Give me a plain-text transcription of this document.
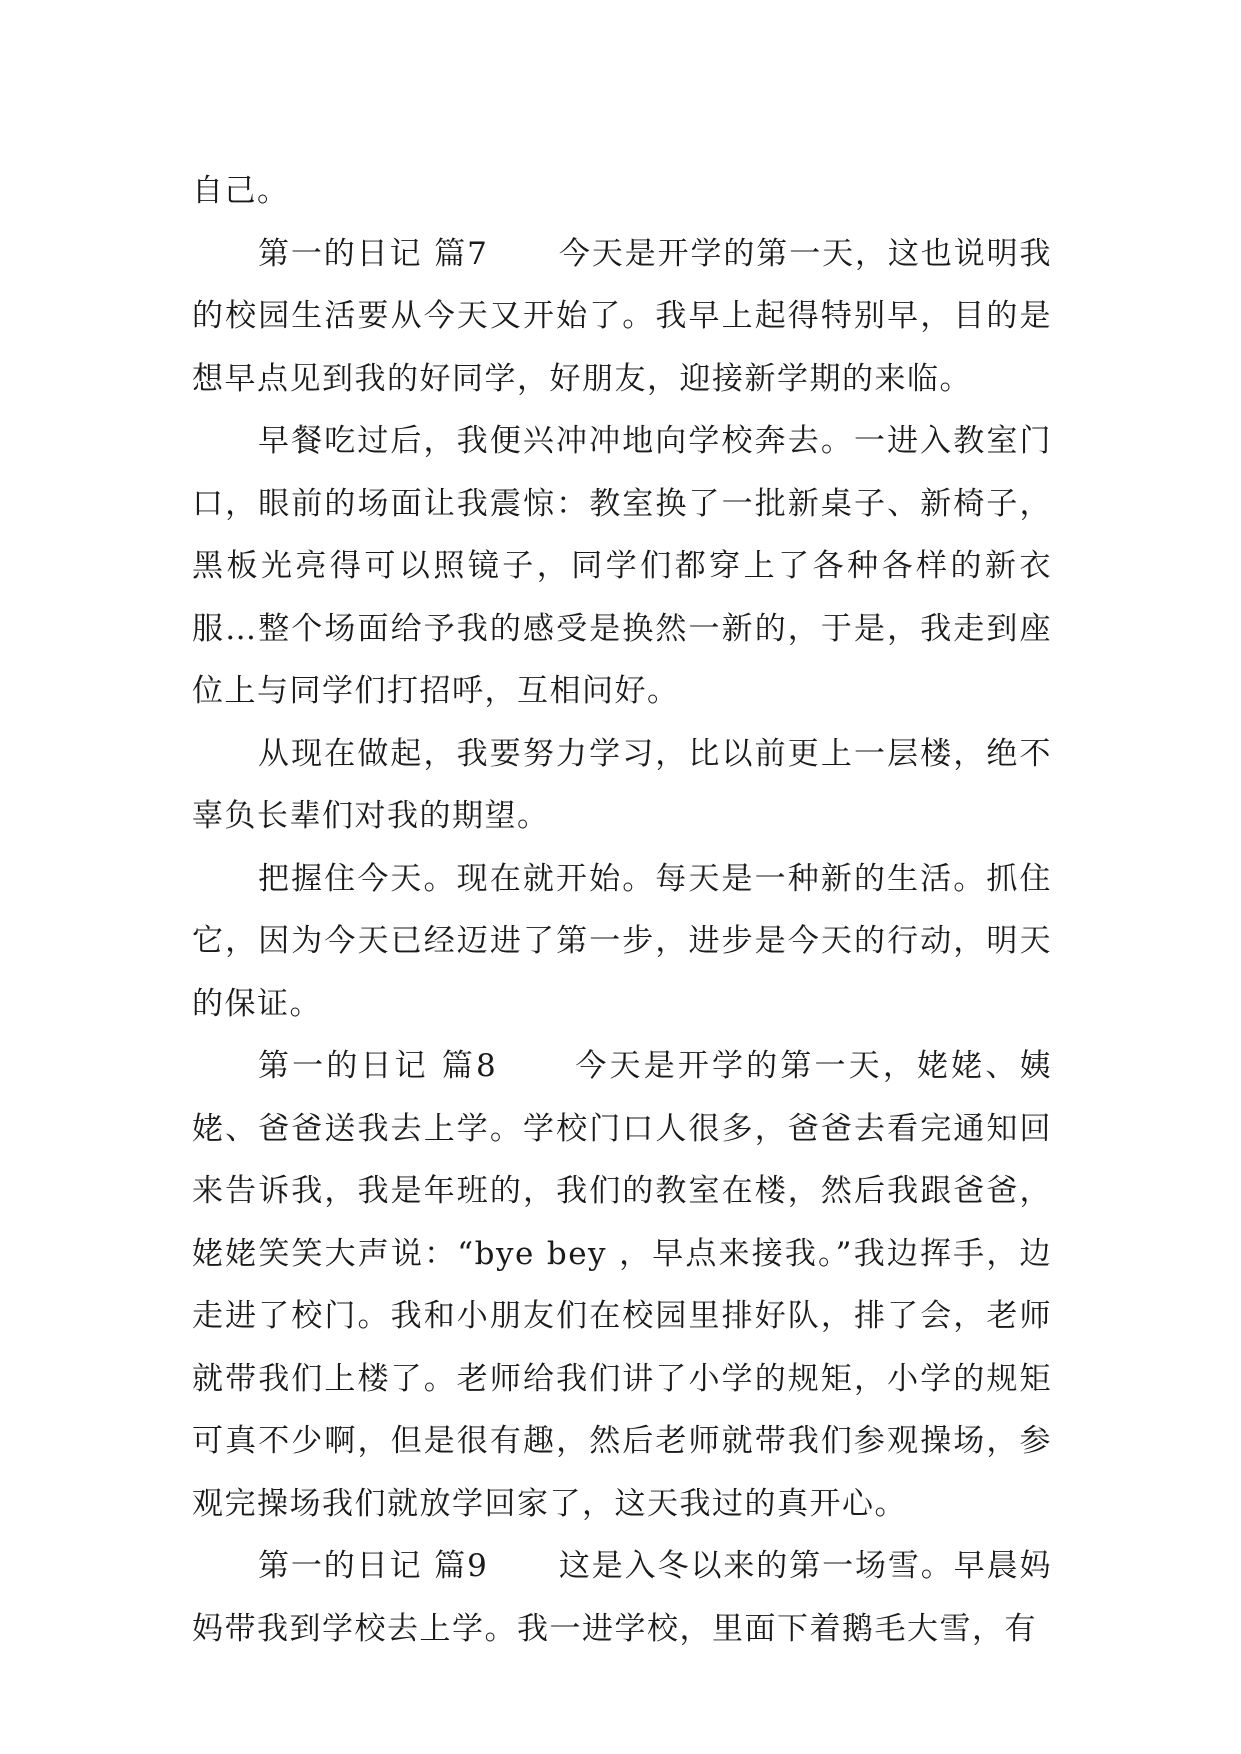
自己。

第一的日记 篇7      今天是开学的第一天，这也说明我的校园生活要从今天又开始了。我早上起得特别早，目的是想早点见到我的好同学，好朋友，迎接新学期的来临。

早餐吃过后，我便兴冲冲地向学校奔去。一进入教室门口，眼前的场面让我震惊：教室换了一批新桌子、新椅子，黑板光亮得可以照镜子，同学们都穿上了各种各样的新衣服…整个场面给予我的感受是换然一新的，于是，我走到座位上与同学们打招呼，互相问好。

从现在做起，我要努力学习，比以前更上一层楼，绝不辜负长辈们对我的期望。

把握住今天。现在就开始。每天是一种新的生活。抓住它，因为今天已经迈进了第一步，进步是今天的行动，明天的保证。

第一的日记 篇8      今天是开学的第一天，姥姥、姨姥、爸爸送我去上学。学校门口人很多，爸爸去看完通知回来告诉我，我是年班的，我们的教室在楼，然后我跟爸爸，姥姥笑笑大声说：“bye bey ，早点来接我。”我边挥手，边走进了校门。我和小朋友们在校园里排好队，排了会，老师就带我们上楼了。老师给我们讲了小学的规矩，小学的规矩可真不少啊，但是很有趣，然后老师就带我们参观操场，参观完操场我们就放学回家了，这天我过的真开心。

第一的日记 篇9      这是入冬以来的第一场雪。早晨妈妈带我到学校去上学。我一进学校，里面下着鹅毛大雪，有
